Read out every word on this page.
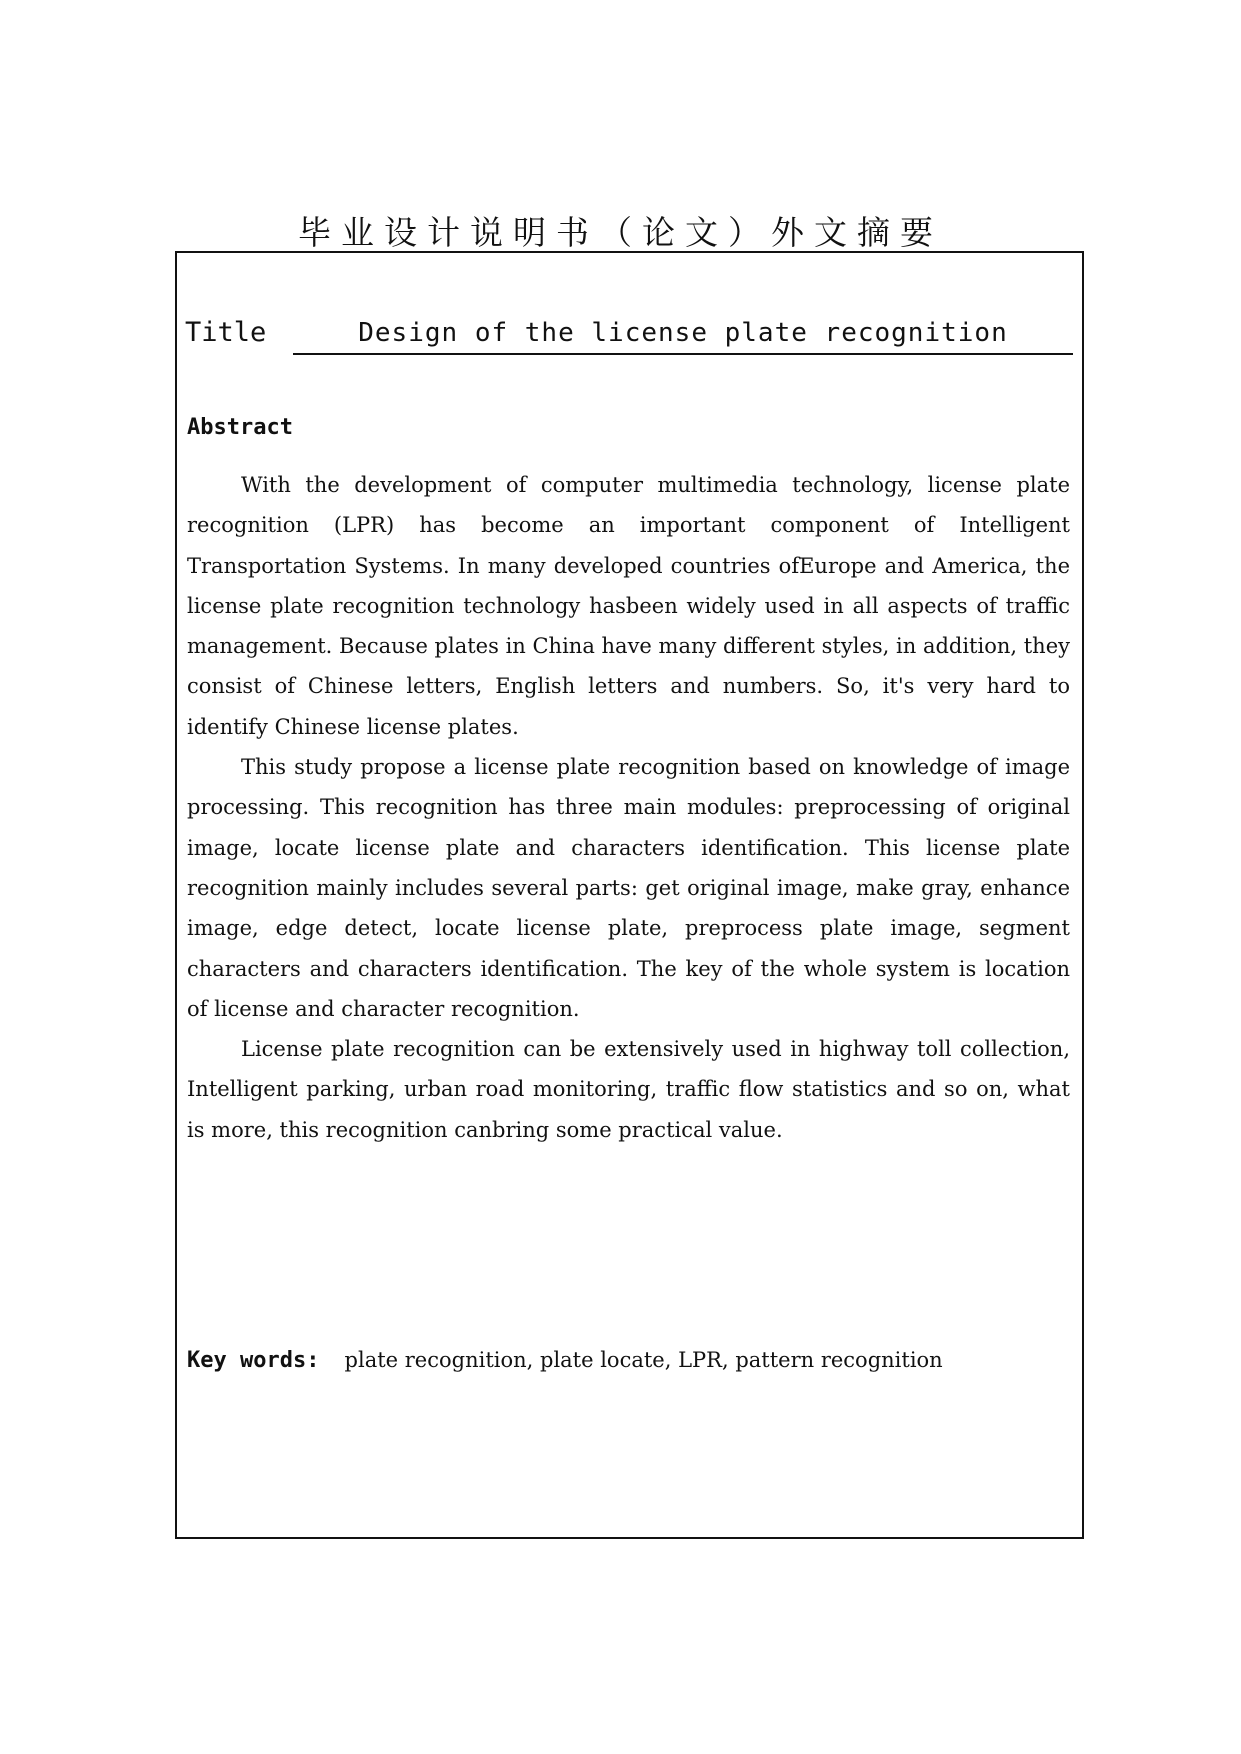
毕业设计说明书（论文）外文摘要
Title	Design of the license plate recognition
Abstract

With the development of computer multimedia technology, license plate recognition (LPR) has become an important component of Intelligent Transportation Systems. In many developed countries ofEurope and America, the license plate recognition technology hasbeen widely used in all aspects of traffic management. Because plates in China have many different styles, in addition, they consist of Chinese letters, English letters and numbers. So, it's very hard to identify Chinese license plates.

This study propose a license plate recognition based on knowledge of image processing. This recognition has three main modules: preprocessing of original image, locate license plate and characters identification. This license plate recognition mainly includes several parts: get original image, make gray, enhance image, edge detect, locate license plate, preprocess plate image, segment characters and characters identification. The key of the whole system is location of license and character recognition.

License plate recognition can be extensively used in highway toll collection, Intelligent parking, urban road monitoring, traffic flow statistics and so on, what is more, this recognition canbring some practical value.

Key words: plate recognition, plate locate, LPR, pattern recognition
